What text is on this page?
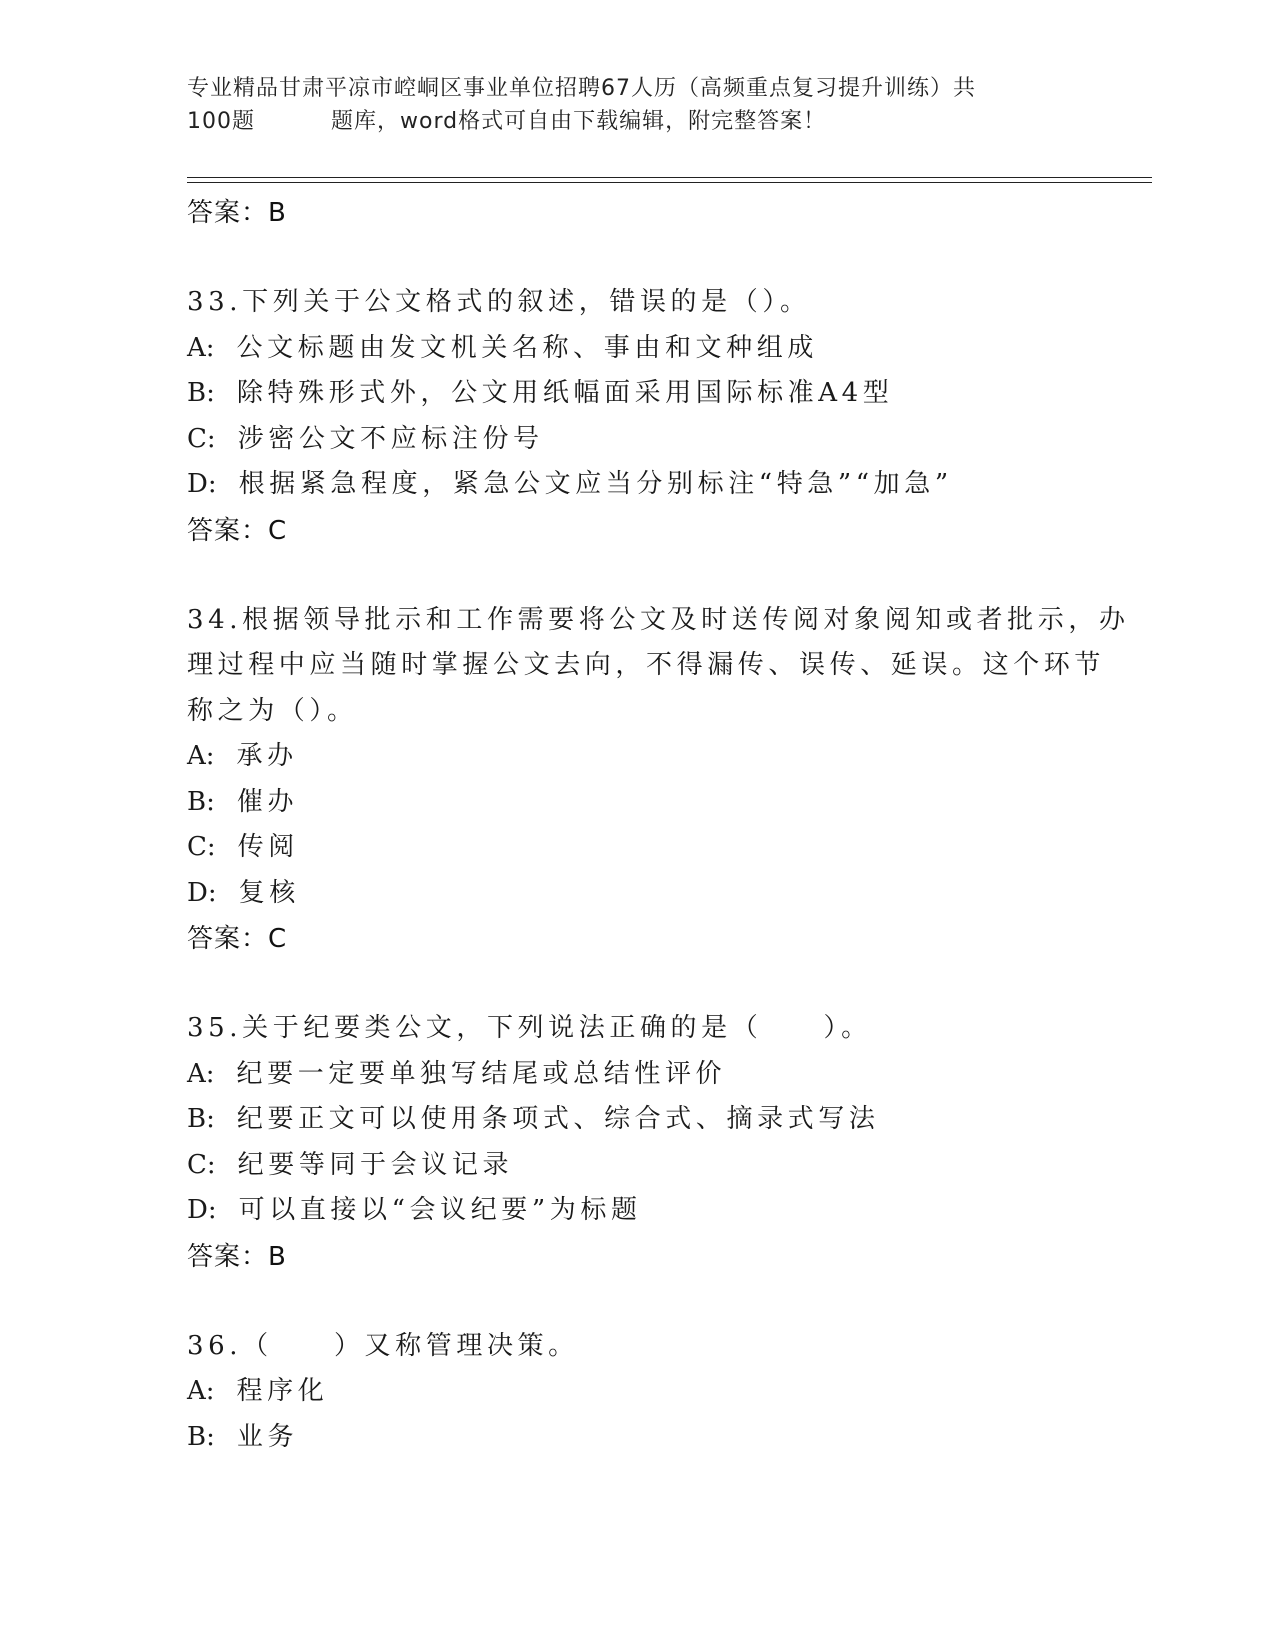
专业精品甘肃平凉市崆峒区事业单位招聘67人历（高频重点复习提升训练）共
100题	题库，word格式可自由下载编辑，附完整答案！
答案：B
33.下列关于公文格式的叙述，错误的是（）。
A: 公文标题由发文机关名称、事由和文种组成
B: 除特殊形式外，公文用纸幅面采用国际标准A4型
C: 涉密公文不应标注份号
D: 根据紧急程度，紧急公文应当分别标注“特急”“加急”
答案：C
34.根据领导批示和工作需要将公文及时送传阅对象阅知或者批示，办
理过程中应当随时掌握公文去向，不得漏传、误传、延误。这个环节
称之为（）。
A: 承办
B: 催办
C: 传阅
D: 复核
答案：C
35.关于纪要类公文，下列说法正确的是（　　）。
A: 纪要一定要单独写结尾或总结性评价
B: 纪要正文可以使用条项式、综合式、摘录式写法
C: 纪要等同于会议记录
D: 可以直接以“会议纪要”为标题
答案：B
36.（　　）又称管理决策。
A: 程序化
B: 业务
